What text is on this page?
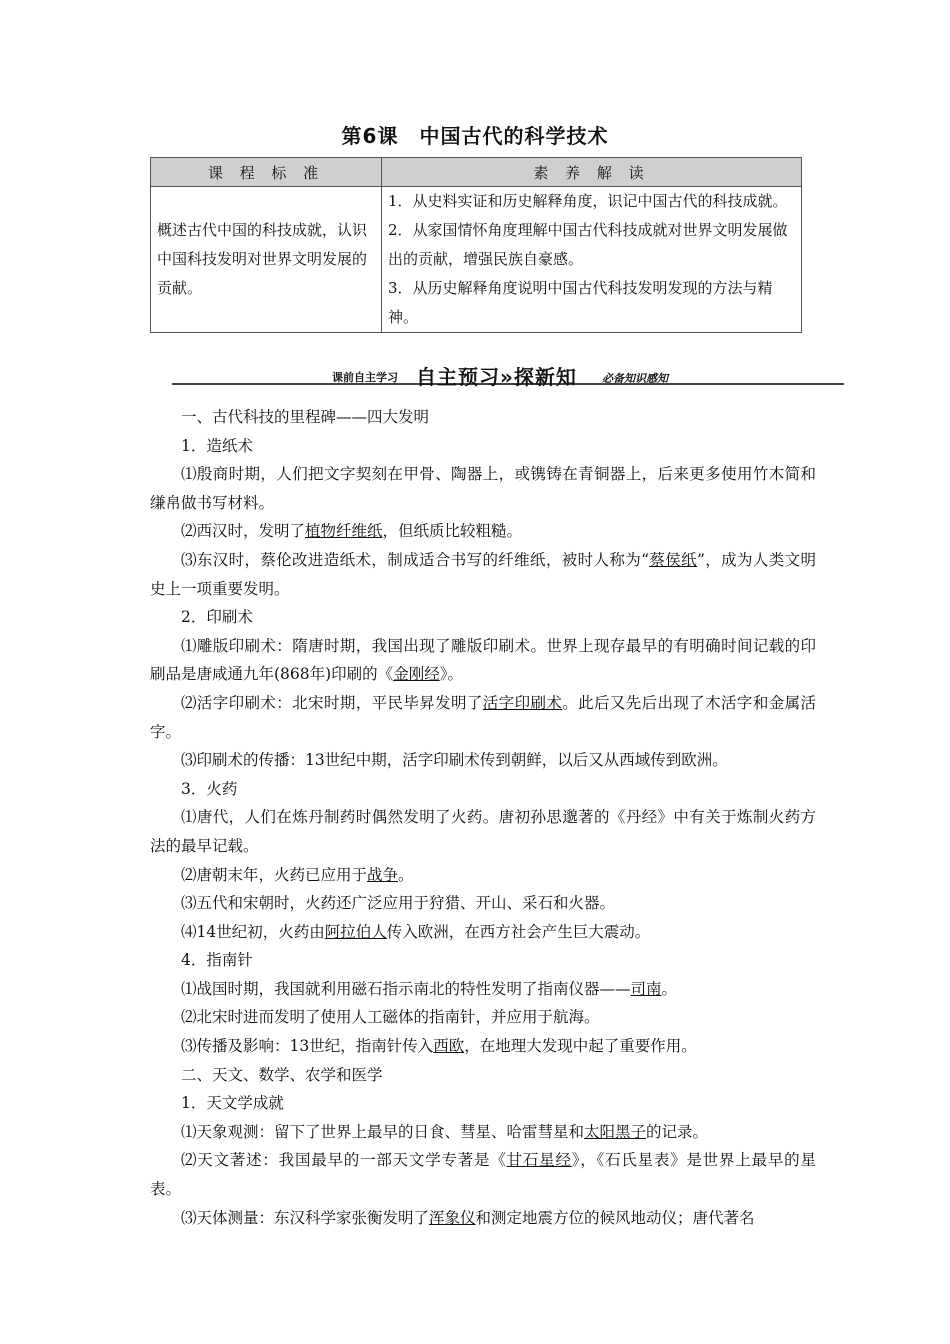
第6课　中国古代的科学技术
课 程 标 准	素 养 解 读
概述古代中国的科技成就，认识中国科技发明对世界文明发展的贡献。	1．从史料实证和历史解释角度，识记中国古代的科技成就。
2．从家国情怀角度理解中国古代科技成就对世界文明发展做出的贡献，增强民族自豪感。
3．从历史解释角度说明中国古代科技发明发现的方法与精神。
课前自主学习 自主预习»探新知 必备知识感知

一、古代科技的里程碑——四大发明

1．造纸术

⑴殷商时期，人们把文字契刻在甲骨、陶器上，或镌铸在青铜器上，后来更多使用竹木简和缣帛做书写材料。

⑵西汉时，发明了植物纤维纸，但纸质比较粗糙。

⑶东汉时，蔡伦改进造纸术，制成适合书写的纤维纸，被时人称为“蔡侯纸”，成为人类文明史上一项重要发明。

2．印刷术

⑴雕版印刷术：隋唐时期，我国出现了雕版印刷术。世界上现存最早的有明确时间记载的印刷品是唐咸通九年(868年)印刷的《金刚经》。

⑵活字印刷术：北宋时期，平民毕昇发明了活字印刷术。此后又先后出现了木活字和金属活字。

⑶印刷术的传播：13世纪中期，活字印刷术传到朝鲜，以后又从西域传到欧洲。

3．火药

⑴唐代，人们在炼丹制药时偶然发明了火药。唐初孙思邈著的《丹经》中有关于炼制火药方法的最早记载。

⑵唐朝末年，火药已应用于战争。

⑶五代和宋朝时，火药还广泛应用于狩猎、开山、采石和火器。

⑷14世纪初，火药由阿拉伯人传入欧洲，在西方社会产生巨大震动。

4．指南针

⑴战国时期，我国就利用磁石指示南北的特性发明了指南仪器——司南。

⑵北宋时进而发明了使用人工磁体的指南针，并应用于航海。

⑶传播及影响：13世纪，指南针传入西欧，在地理大发现中起了重要作用。

二、天文、数学、农学和医学

1．天文学成就

⑴天象观测：留下了世界上最早的日食、彗星、哈雷彗星和太阳黑子的记录。

⑵天文著述：我国最早的一部天文学专著是《甘石星经》，《石氏星表》是世界上最早的星表。

⑶天体测量：东汉科学家张衡发明了浑象仪和测定地震方位的候风地动仪；唐代著名
